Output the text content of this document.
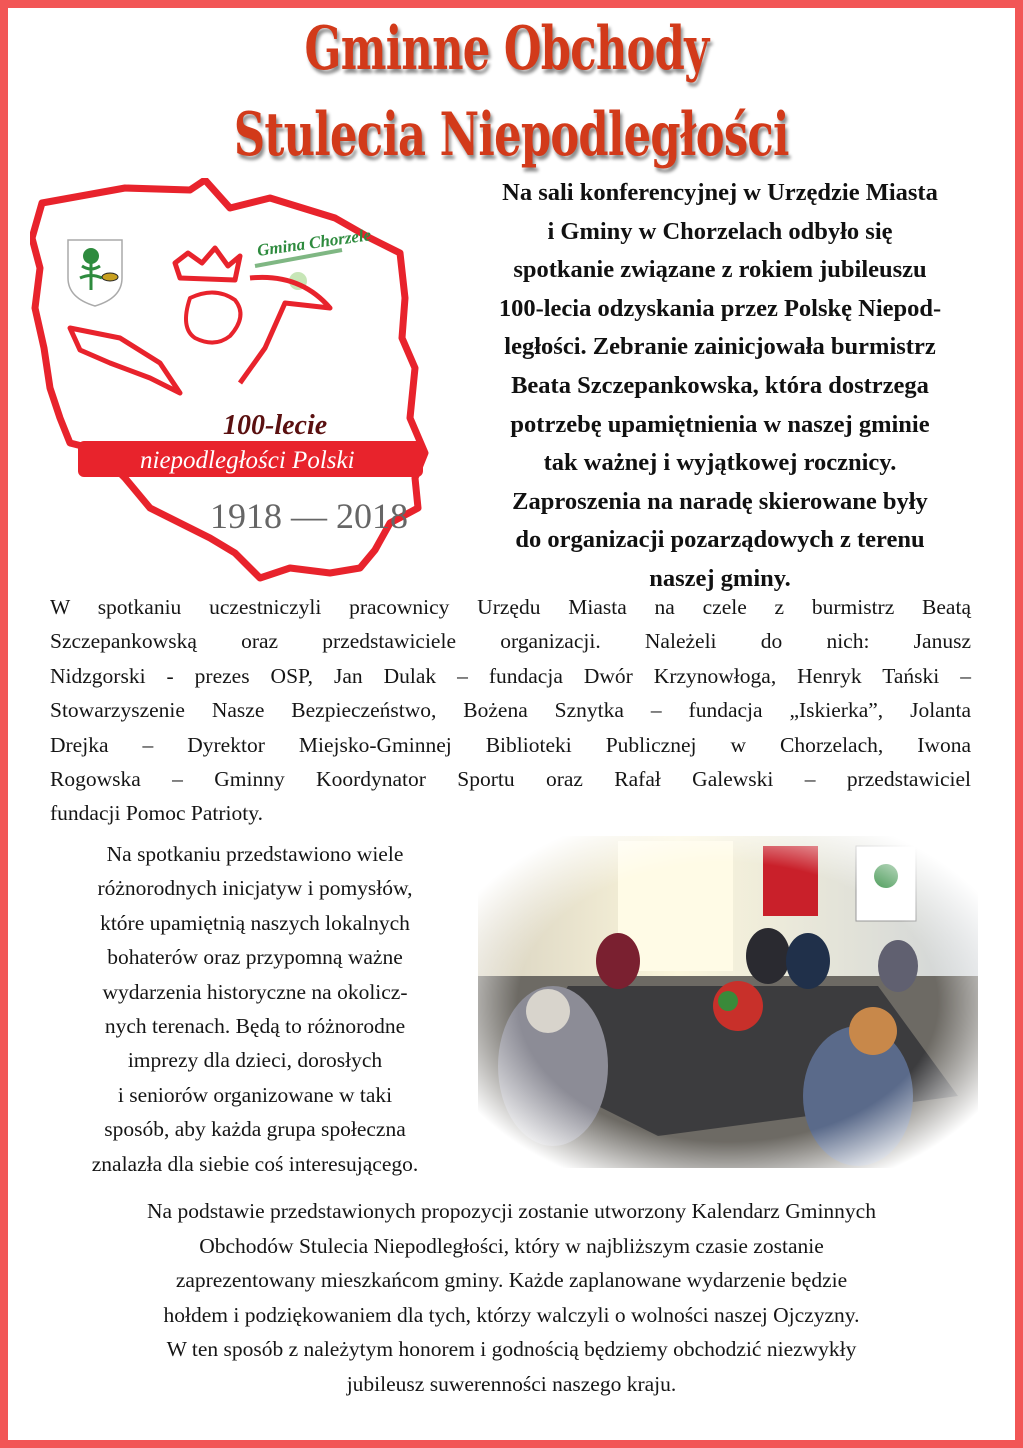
Gminne Obchody
Stulecia Niepodległości
Gmina Chorzele
100-lecie
niepodległości Polski
1918 — 2018
Na sali konferencyjnej w Urzędzie Miasta
i Gminy w Chorzelach odbyło się
spotkanie związane z rokiem jubileuszu
100-lecia odzyskania przez Polskę Niepod-
ległości. Zebranie zainicjowała burmistrz
Beata Szczepankowska, która dostrzega
potrzebę upamiętnienia w naszej gminie
tak ważnej i wyjątkowej rocznicy.
Zaproszenia na naradę skierowane były
do organizacji pozarządowych z terenu
naszej gminy.
W spotkaniu uczestniczyli pracownicy Urzędu Miasta na czele z burmistrz Beatą
Szczepankowską oraz przedstawiciele organizacji. Należeli do nich: Janusz
Nidzgorski - prezes OSP, Jan Dulak – fundacja Dwór Krzynowłoga, Henryk Tański –
Stowarzyszenie Nasze Bezpieczeństwo, Bożena Sznytka – fundacja „Iskierka”, Jolanta
Drejka – Dyrektor Miejsko-Gminnej Biblioteki Publicznej w Chorzelach, Iwona
Rogowska – Gminny Koordynator Sportu oraz Rafał Galewski – przedstawiciel
fundacji Pomoc Patrioty.
Na spotkaniu przedstawiono wiele
różnorodnych inicjatyw i pomysłów,
które upamiętnią naszych lokalnych
bohaterów oraz przypomną ważne
wydarzenia historyczne na okolicz-
nych terenach. Będą to różnorodne
imprezy dla dzieci, dorosłych
i seniorów organizowane w taki
sposób, aby każda grupa społeczna
znalazła dla siebie coś interesującego.
Na podstawie przedstawionych propozycji zostanie utworzony Kalendarz Gminnych
Obchodów Stulecia Niepodległości, który w najbliższym czasie zostanie
zaprezentowany mieszkańcom gminy. Każde zaplanowane wydarzenie będzie
hołdem i podziękowaniem dla tych, którzy walczyli o wolności naszej Ojczyzny.
W ten sposób z należytym honorem i godnością będziemy obchodzić niezwykły
jubileusz suwerenności naszego kraju.
